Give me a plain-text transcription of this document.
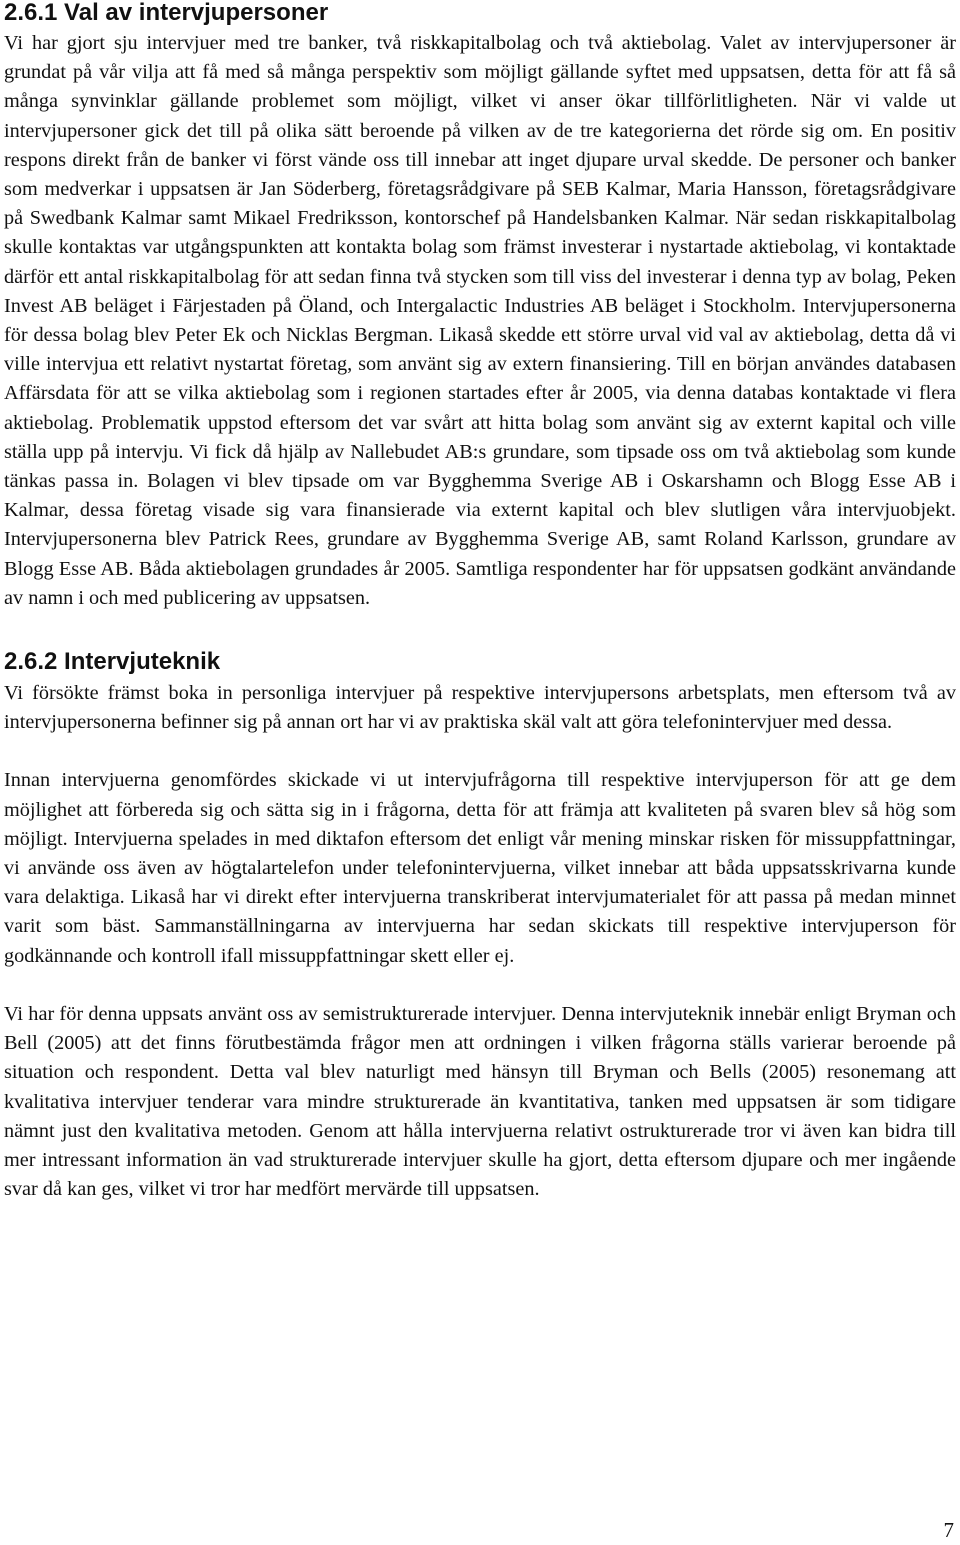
2.6.1 Val av intervjupersoner

Vi har gjort sju intervjuer med tre banker, två riskkapitalbolag och två aktiebolag. Valet av intervjupersoner är grundat på vår vilja att få med så många perspektiv som möjligt gällande syftet med uppsatsen, detta för att få så många synvinklar gällande problemet som möjligt, vilket vi anser ökar tillförlitligheten. När vi valde ut intervjupersoner gick det till på olika sätt beroende på vilken av de tre kategorierna det rörde sig om. En positiv respons direkt från de banker vi först vände oss till innebar att inget djupare urval skedde. De personer och banker som medverkar i uppsatsen är Jan Söderberg, företagsrådgivare på SEB Kalmar, Maria Hansson, företagsrådgivare på Swedbank Kalmar samt Mikael Fredriksson, kontorschef på Handelsbanken Kalmar. När sedan riskkapitalbolag skulle kontaktas var utgångspunkten att kontakta bolag som främst investerar i nystartade aktiebolag, vi kontaktade därför ett antal riskkapitalbolag för att sedan finna två stycken som till viss del investerar i denna typ av bolag, Peken Invest AB beläget i Färjestaden på Öland, och Intergalactic Industries AB beläget i Stockholm. Intervjupersonerna för dessa bolag blev Peter Ek och Nicklas Bergman. Likaså skedde ett större urval vid val av aktiebolag, detta då vi ville intervjua ett relativt nystartat företag, som använt sig av extern finansiering. Till en början användes databasen Affärsdata för att se vilka aktiebolag som i regionen startades efter år 2005, via denna databas kontaktade vi flera aktiebolag. Problematik uppstod eftersom det var svårt att hitta bolag som använt sig av externt kapital och ville ställa upp på intervju. Vi fick då hjälp av Nallebudet AB:s grundare, som tipsade oss om två aktiebolag som kunde tänkas passa in. Bolagen vi blev tipsade om var Bygghemma Sverige AB i Oskarshamn och Blogg Esse AB i Kalmar, dessa företag visade sig vara finansierade via externt kapital och blev slutligen våra intervjuobjekt. Intervjupersonerna blev Patrick Rees, grundare av Bygghemma Sverige AB, samt Roland Karlsson, grundare av Blogg Esse AB. Båda aktiebolagen grundades år 2005. Samtliga respondenter har för uppsatsen godkänt användande av namn i och med publicering av uppsatsen.

2.6.2 Intervjuteknik

Vi försökte främst boka in personliga intervjuer på respektive intervjupersons arbetsplats, men eftersom två av intervjupersonerna befinner sig på annan ort har vi av praktiska skäl valt att göra telefonintervjuer med dessa.

Innan intervjuerna genomfördes skickade vi ut intervjufrågorna till respektive intervjuperson för att ge dem möjlighet att förbereda sig och sätta sig in i frågorna, detta för att främja att kvaliteten på svaren blev så hög som möjligt. Intervjuerna spelades in med diktafon eftersom det enligt vår mening minskar risken för missuppfattningar, vi använde oss även av högtalartelefon under telefonintervjuerna, vilket innebar att båda uppsatsskrivarna kunde vara delaktiga. Likaså har vi direkt efter intervjuerna transkriberat intervjumaterialet för att passa på medan minnet varit som bäst. Sammanställningarna av intervjuerna har sedan skickats till respektive intervjuperson för godkännande och kontroll ifall missuppfattningar skett eller ej.

Vi har för denna uppsats använt oss av semistrukturerade intervjuer. Denna intervjuteknik innebär enligt Bryman och Bell (2005) att det finns förutbestämda frågor men att ordningen i vilken frågorna ställs varierar beroende på situation och respondent. Detta val blev naturligt med hänsyn till Bryman och Bells (2005) resonemang att kvalitativa intervjuer tenderar vara mindre strukturerade än kvantitativa, tanken med uppsatsen är som tidigare nämnt just den kvalitativa metoden. Genom att hålla intervjuerna relativt ostrukturerade tror vi även kan bidra till mer intressant information än vad strukturerade intervjuer skulle ha gjort, detta eftersom djupare och mer ingående svar då kan ges, vilket vi tror har medfört mervärde till uppsatsen.

7
